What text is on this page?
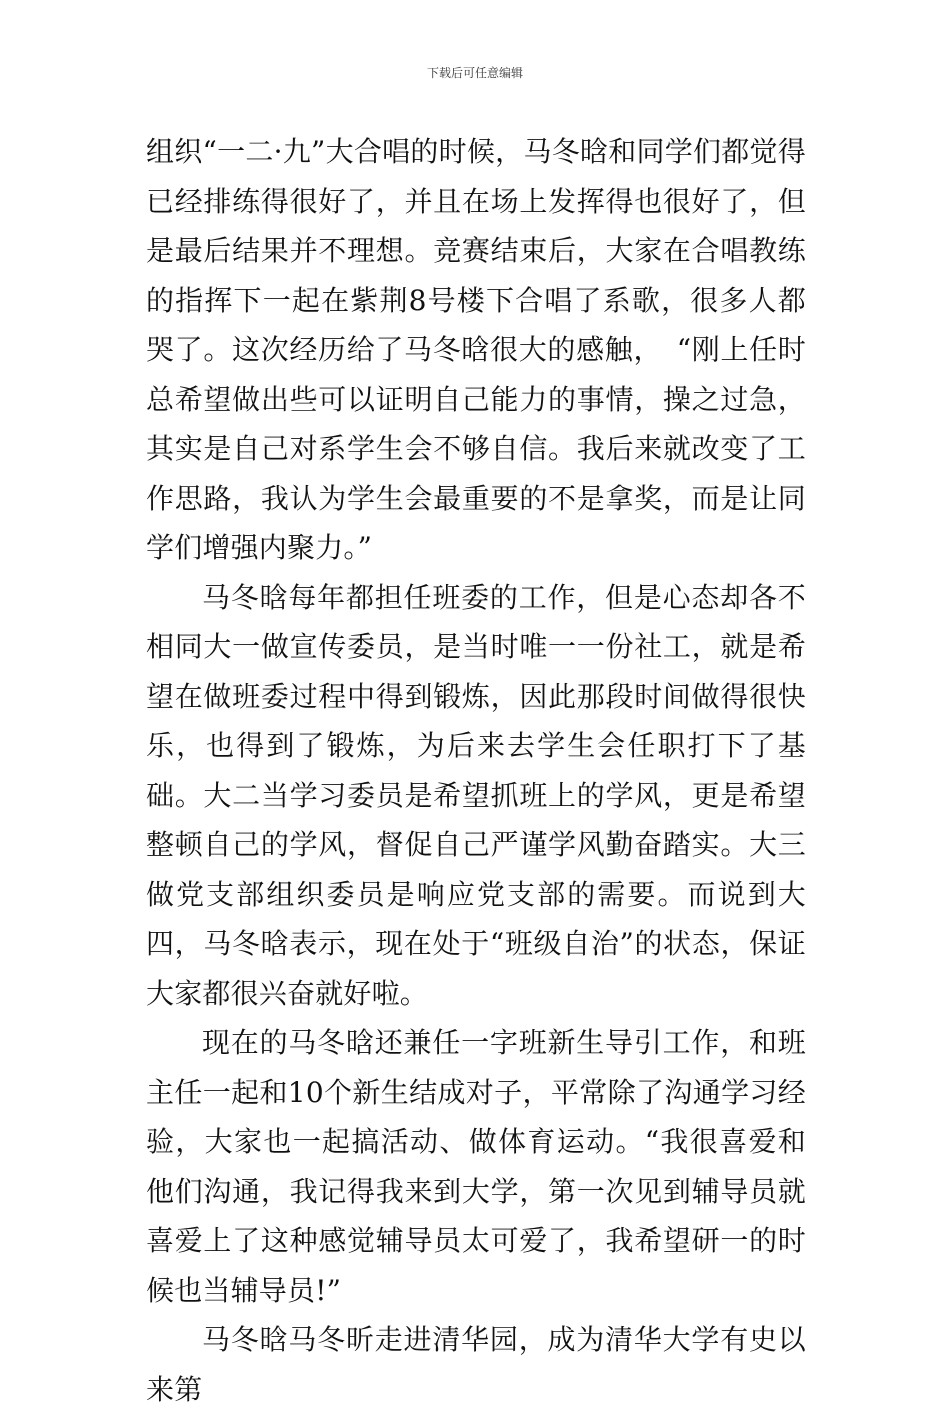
下载后可任意编辑

组织“一二·九”大合唱的时候，马冬晗和同学们都觉得已经排练得很好了，并且在场上发挥得也很好了，但是最后结果并不理想。竞赛结束后，大家在合唱教练的指挥下一起在紫荆8号楼下合唱了系歌，很多人都哭了。这次经历给了马冬晗很大的感触，　“刚上任时总希望做出些可以证明自己能力的事情，操之过急，其实是自己对系学生会不够自信。我后来就改变了工作思路，我认为学生会最重要的不是拿奖，而是让同学们增强内聚力。”

马冬晗每年都担任班委的工作，但是心态却各不相同大一做宣传委员，是当时唯一一份社工，就是希望在做班委过程中得到锻炼，因此那段时间做得很快乐，也得到了锻炼，为后来去学生会任职打下了基础。大二当学习委员是希望抓班上的学风，更是希望整顿自己的学风，督促自己严谨学风勤奋踏实。大三做党支部组织委员是响应党支部的需要。而说到大四，马冬晗表示，现在处于“班级自治”的状态，保证大家都很兴奋就好啦。

现在的马冬晗还兼任一字班新生导引工作，和班主任一起和10个新生结成对子，平常除了沟通学习经验，大家也一起搞活动、做体育运动。“我很喜爱和他们沟通，我记得我来到大学，第一次见到辅导员就喜爱上了这种感觉辅导员太可爱了，我希望研一的时候也当辅导员!”

马冬晗马冬昕走进清华园，成为清华大学有史以来第
